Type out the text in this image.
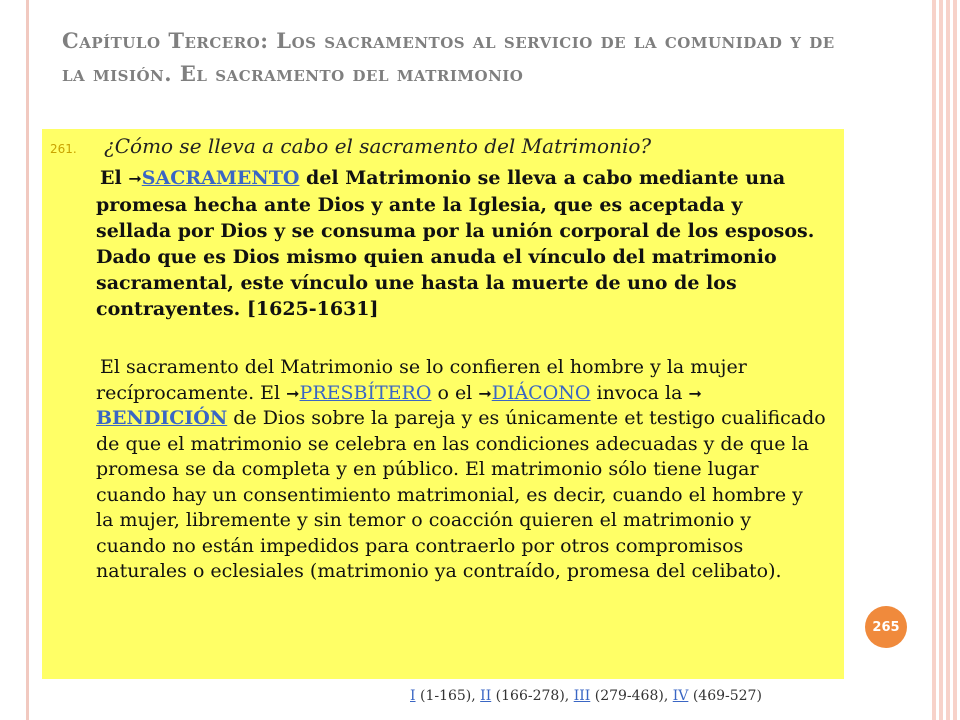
Capítulo Tercero: Los sacramentos al servicio de la comunidad y de la misión. El sacramento del matrimonio
261. ¿Cómo se lleva a cabo el sacramento del Matrimonio?
El ➞SACRAMENTO del Matrimonio se lleva a cabo mediante una promesa hecha ante Dios y ante la Iglesia, que es aceptada y sellada por Dios y se consuma por la unión corporal de los esposos. Dado que es Dios mismo quien anuda el vínculo del matrimonio sacramental, este vínculo une hasta la muerte de uno de los contrayentes. [1625-1631]
El sacramento del Matrimonio se lo confieren el hombre y la mujer recíprocamente. El ➞PRESBÍTERO o el ➞DIÁCONO invoca la ➞ BENDICIÓN de Dios sobre la pareja y es únicamente et testigo cualificado de que el matrimonio se celebra en las condiciones adecuadas y de que la promesa se da completa y en público. El matrimonio sólo tiene lugar cuando hay un consentimiento matrimonial, es decir, cuando el hombre y la mujer, libremente y sin temor o coacción quieren el matrimonio y cuando no están impedidos para contraerlo por otros compromisos naturales o eclesiales (matrimonio ya contraído, promesa del celibato).
265
I (1-165), II (166-278), III (279-468), IV (469-527)
